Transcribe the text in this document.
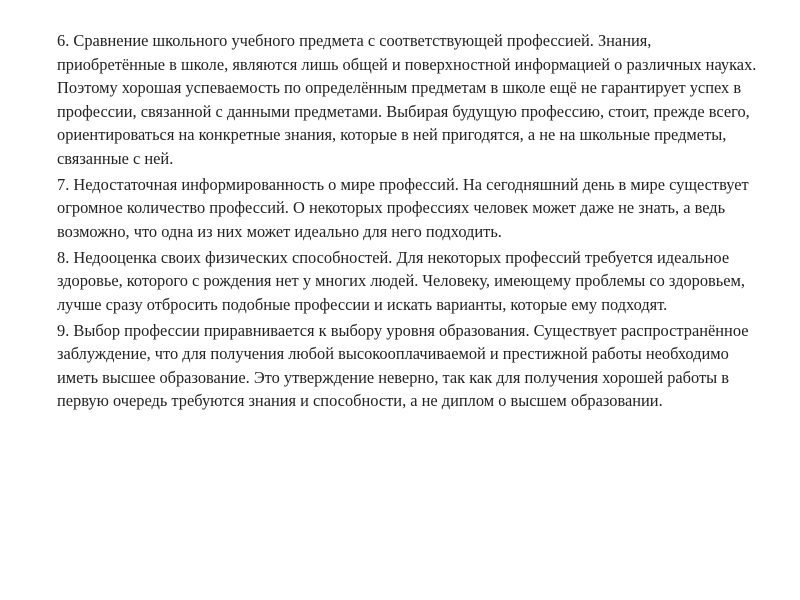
6. Сравнение школьного учебного предмета с соответствующей профессией. Знания, приобретённые в школе, являются лишь общей и поверхностной информацией о различных науках. Поэтому хорошая успеваемость по определённым предметам в школе ещё не гарантирует успех в профессии, связанной с данными предметами. Выбирая будущую профессию, стоит, прежде всего, ориентироваться на конкретные знания, которые в ней пригодятся, а не на школьные предметы, связанные с ней.

7. Недостаточная информированность о мире профессий. На сегодняшний день в мире существует огромное количество профессий. О некоторых профессиях человек может даже не знать, а ведь возможно, что одна из них может идеально для него подходить.

8. Недооценка своих физических способностей. Для некоторых профессий требуется идеальное здоровье, которого с рождения нет у многих людей. Человеку, имеющему проблемы со здоровьем, лучше сразу отбросить подобные профессии и искать варианты, которые ему подходят.

9. Выбор профессии приравнивается к выбору уровня образования. Существует распространённое заблуждение, что для получения любой высокооплачиваемой и престижной работы необходимо иметь высшее образование. Это утверждение неверно, так как для получения хорошей работы в первую очередь требуются знания и способности, а не диплом о высшем образовании.
